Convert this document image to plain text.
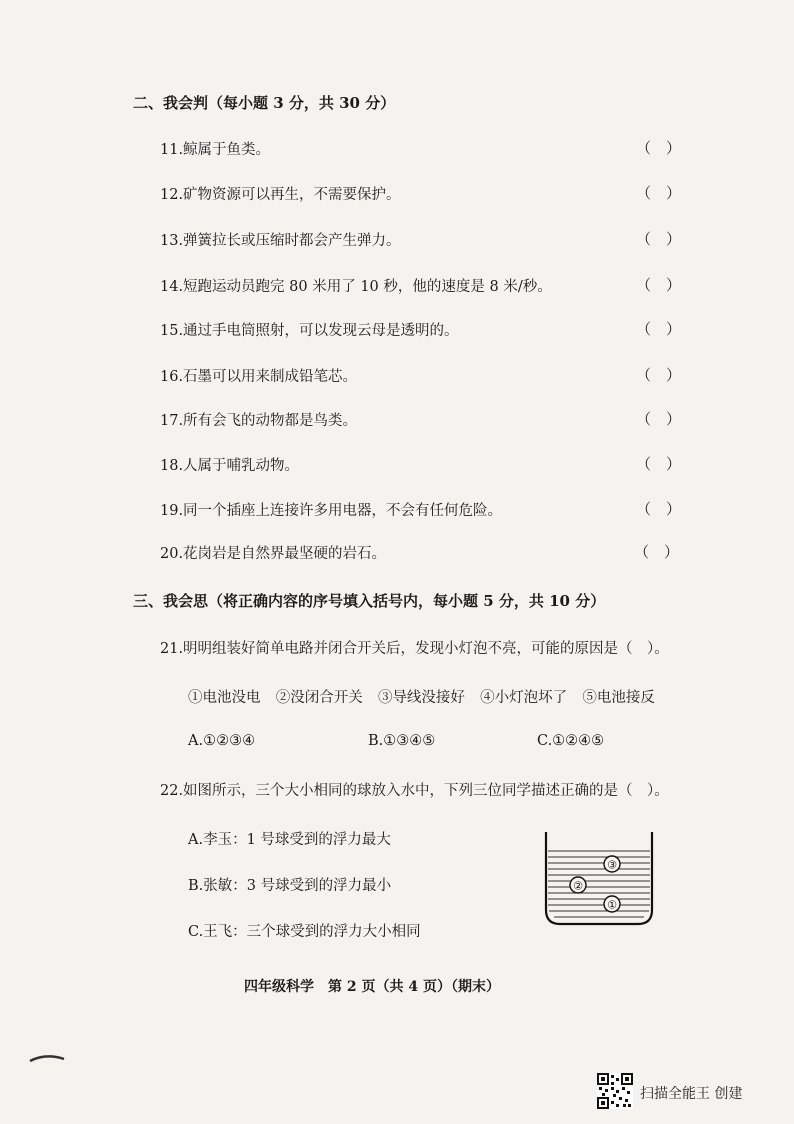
二、我会判（每小题 3 分，共 30 分）
11.鲸属于鱼类。	（　）
12.矿物资源可以再生，不需要保护。	（　）
13.弹簧拉长或压缩时都会产生弹力。	（　）
14.短跑运动员跑完 80 米用了 10 秒，他的速度是 8 米/秒。	（　）
15.通过手电筒照射，可以发现云母是透明的。	（　）
16.石墨可以用来制成铅笔芯。	（　）
17.所有会飞的动物都是鸟类。	（　）
18.人属于哺乳动物。	（　）
19.同一个插座上连接许多用电器，不会有任何危险。	（　）
20.花岗岩是自然界最坚硬的岩石。	（　）
三、我会思（将正确内容的序号填入括号内，每小题 5 分，共 10 分）
21.明明组装好简单电路并闭合开关后，发现小灯泡不亮，可能的原因是（　）。
①电池没电 ②没闭合开关 ③导线没接好 ④小灯泡坏了 ⑤电池接反
A.①②③④	B.①③④⑤	C.①②④⑤
22.如图所示，三个大小相同的球放入水中，下列三位同学描述正确的是（　）。
A.李玉：1 号球受到的浮力最大
B.张敏：3 号球受到的浮力最小
C.王飞：三个球受到的浮力大小相同
③
②
①
四年级科学　第 2 页（共 4 页）（期末）
扫描全能王 创建
